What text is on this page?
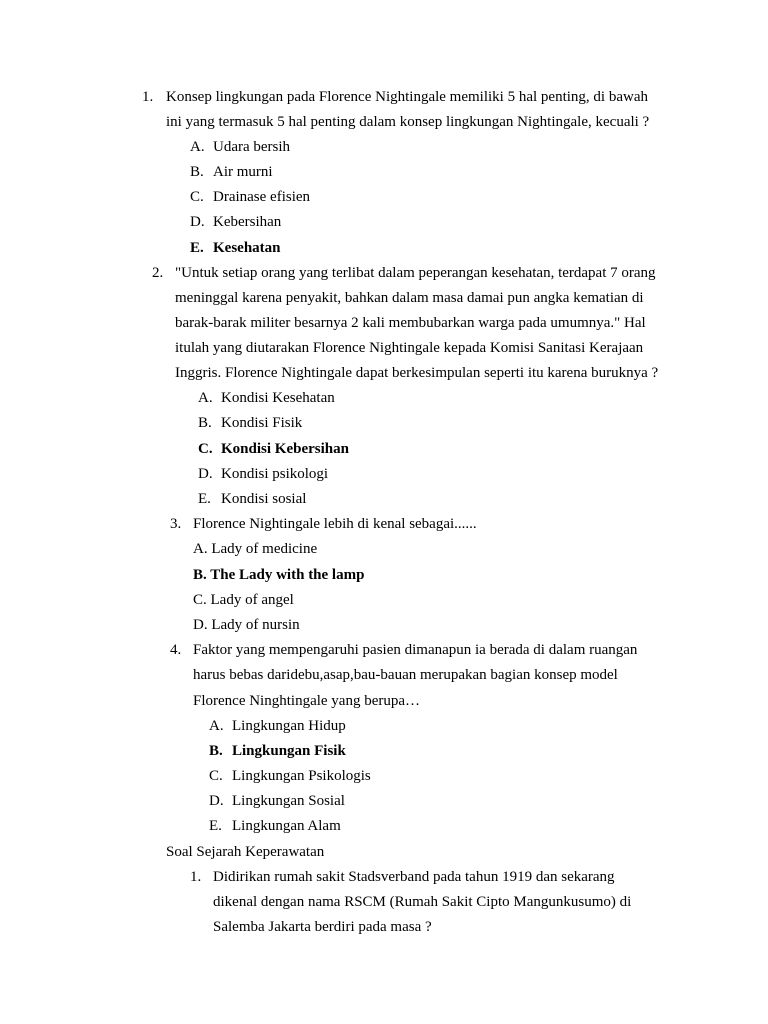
1. Konsep lingkungan pada Florence Nightingale memiliki 5 hal penting, di bawah
ini yang termasuk 5 hal penting dalam konsep lingkungan Nightingale, kecuali ?
A. Udara bersih
B. Air murni
C. Drainase efisien
D. Kebersihan
E. Kesehatan
2. "Untuk setiap orang yang terlibat dalam peperangan kesehatan, terdapat 7 orang
meninggal karena penyakit, bahkan dalam masa damai pun angka kematian di
barak-barak militer besarnya 2 kali membubarkan warga pada umumnya." Hal
itulah yang diutarakan Florence Nightingale kepada Komisi Sanitasi Kerajaan
Inggris. Florence Nightingale dapat berkesimpulan seperti itu karena buruknya ?
A. Kondisi Kesehatan
B. Kondisi Fisik
C. Kondisi Kebersihan
D. Kondisi psikologi
E. Kondisi sosial
3. Florence Nightingale lebih di kenal sebagai......
A. Lady of medicine
B. The Lady with the lamp
C. Lady of angel
D. Lady of nursin
4. Faktor yang mempengaruhi pasien dimanapun ia berada di dalam ruangan
harus bebas daridebu,asap,bau-bauan merupakan bagian konsep model
Florence Ninghtingale yang berupa…
A. Lingkungan Hidup
B. Lingkungan Fisik
C. Lingkungan Psikologis
D. Lingkungan Sosial
E. Lingkungan Alam
Soal Sejarah Keperawatan
1. Didirikan rumah sakit Stadsverband pada tahun 1919 dan sekarang
dikenal dengan nama RSCM (Rumah Sakit Cipto Mangunkusumo) di
Salemba Jakarta berdiri pada masa ?
